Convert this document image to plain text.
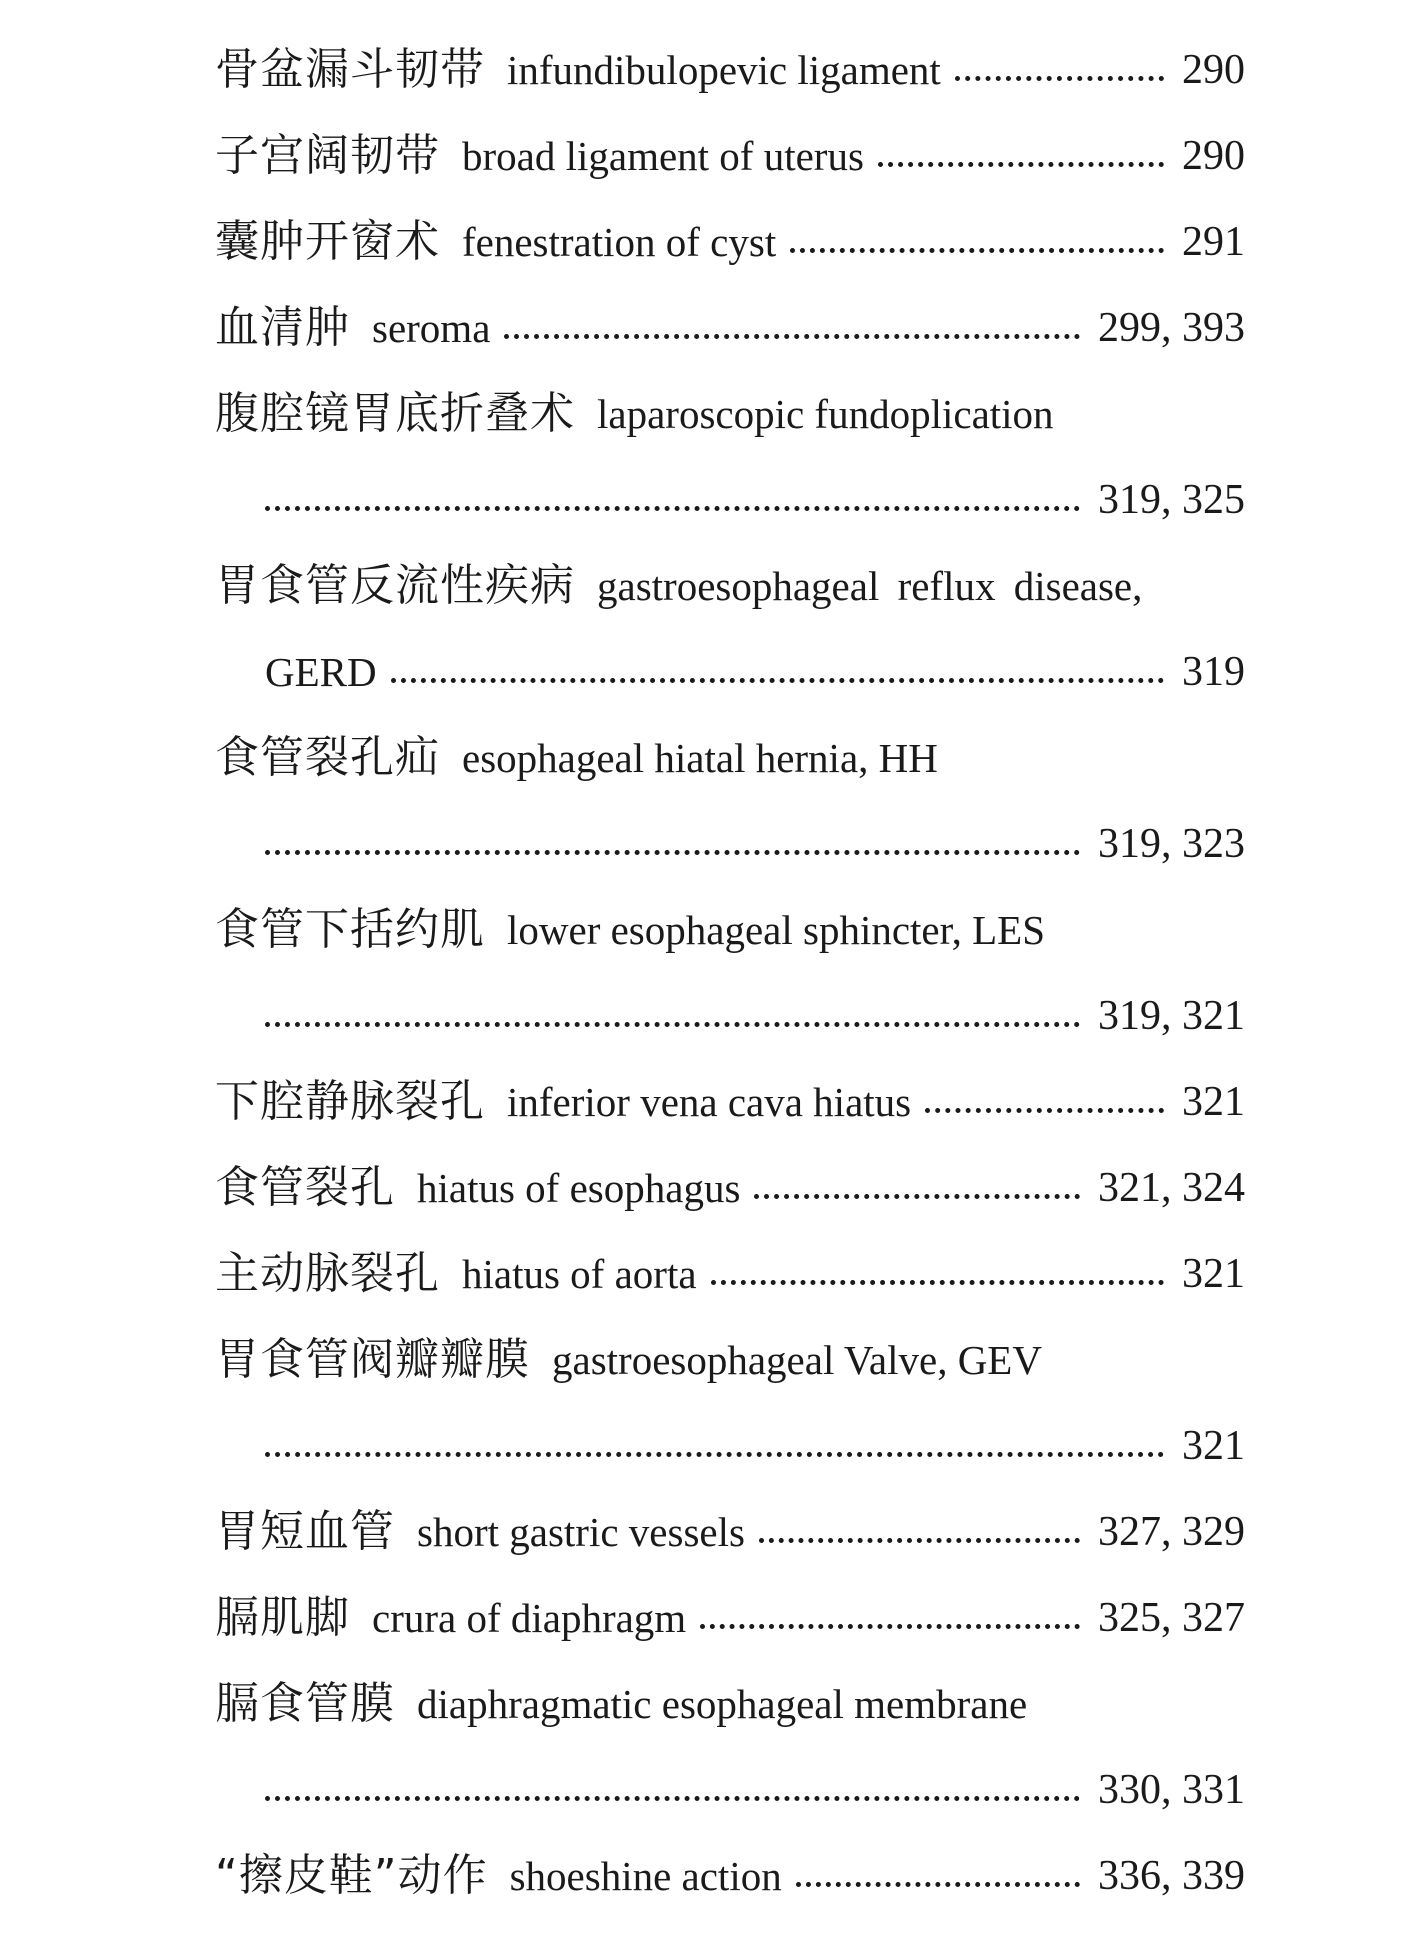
骨盆漏斗韧带 infundibulopevic ligament	290
子宫阔韧带 broad ligament of uterus	290
囊肿开窗术 fenestration of cyst	291
血清肿 seroma	299, 393
腹腔镜胃底折叠术 laparoscopic fundoplication
319, 325
胃食管反流性疾病 gastroesophageal reflux disease,
GERD	319
食管裂孔疝 esophageal hiatal hernia, HH
319, 323
食管下括约肌 lower esophageal sphincter, LES
319, 321
下腔静脉裂孔 inferior vena cava hiatus	321
食管裂孔 hiatus of esophagus	321, 324
主动脉裂孔 hiatus of aorta	321
胃食管阀瓣瓣膜 gastroesophageal Valve, GEV
321
胃短血管 short gastric vessels	327, 329
膈肌脚 crura of diaphragm	325, 327
膈食管膜 diaphragmatic esophageal membrane
330, 331
“擦皮鞋”动作 shoeshine action	336, 339
